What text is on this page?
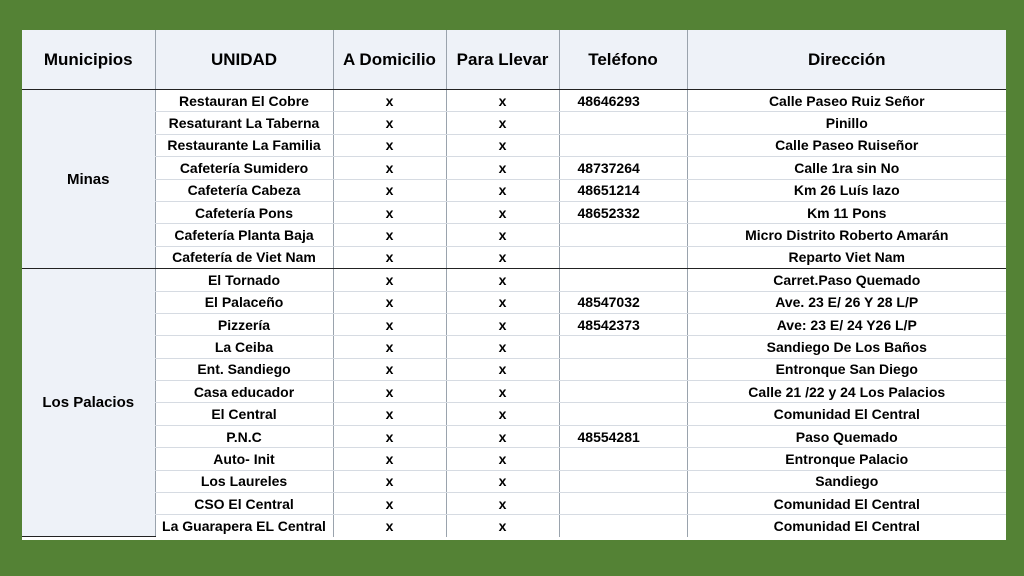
Municipios	UNIDAD	A Domicilio	Para Llevar	Teléfono	Dirección
Minas	Restauran El Cobre	x	x	48646293	Calle Paseo Ruiz Señor
	Resaturant La Taberna	x	x		Pinillo
	Restaurante La Familia	x	x		Calle Paseo Ruiseñor
	Cafetería Sumidero	x	x	48737264	Calle 1ra sin No
	Cafetería Cabeza	x	x	48651214	Km 26 Luís lazo
	Cafetería Pons	x	x	48652332	Km 11 Pons
	Cafetería Planta Baja	x	x		Micro Distrito Roberto Amarán
	Cafetería de Viet Nam	x	x		Reparto Viet Nam
Los Palacios	El Tornado	x	x		Carret.Paso Quemado
	El Palaceño	x	x	48547032	Ave. 23 E/ 26 Y 28 L/P
	Pizzería	x	x	48542373	Ave: 23 E/ 24 Y26 L/P
	La Ceiba	x	x		Sandiego De Los Baños
	Ent. Sandiego	x	x		Entronque San Diego
	Casa educador	x	x		Calle 21 /22 y 24 Los Palacios
	El Central	x	x		Comunidad El Central
	P.N.C	x	x	48554281	Paso Quemado
	Auto- Init	x	x		Entronque Palacio
	Los Laureles	x	x		Sandiego
	CSO El Central	x	x		Comunidad El Central
	La Guarapera EL Central	x	x		Comunidad El Central
